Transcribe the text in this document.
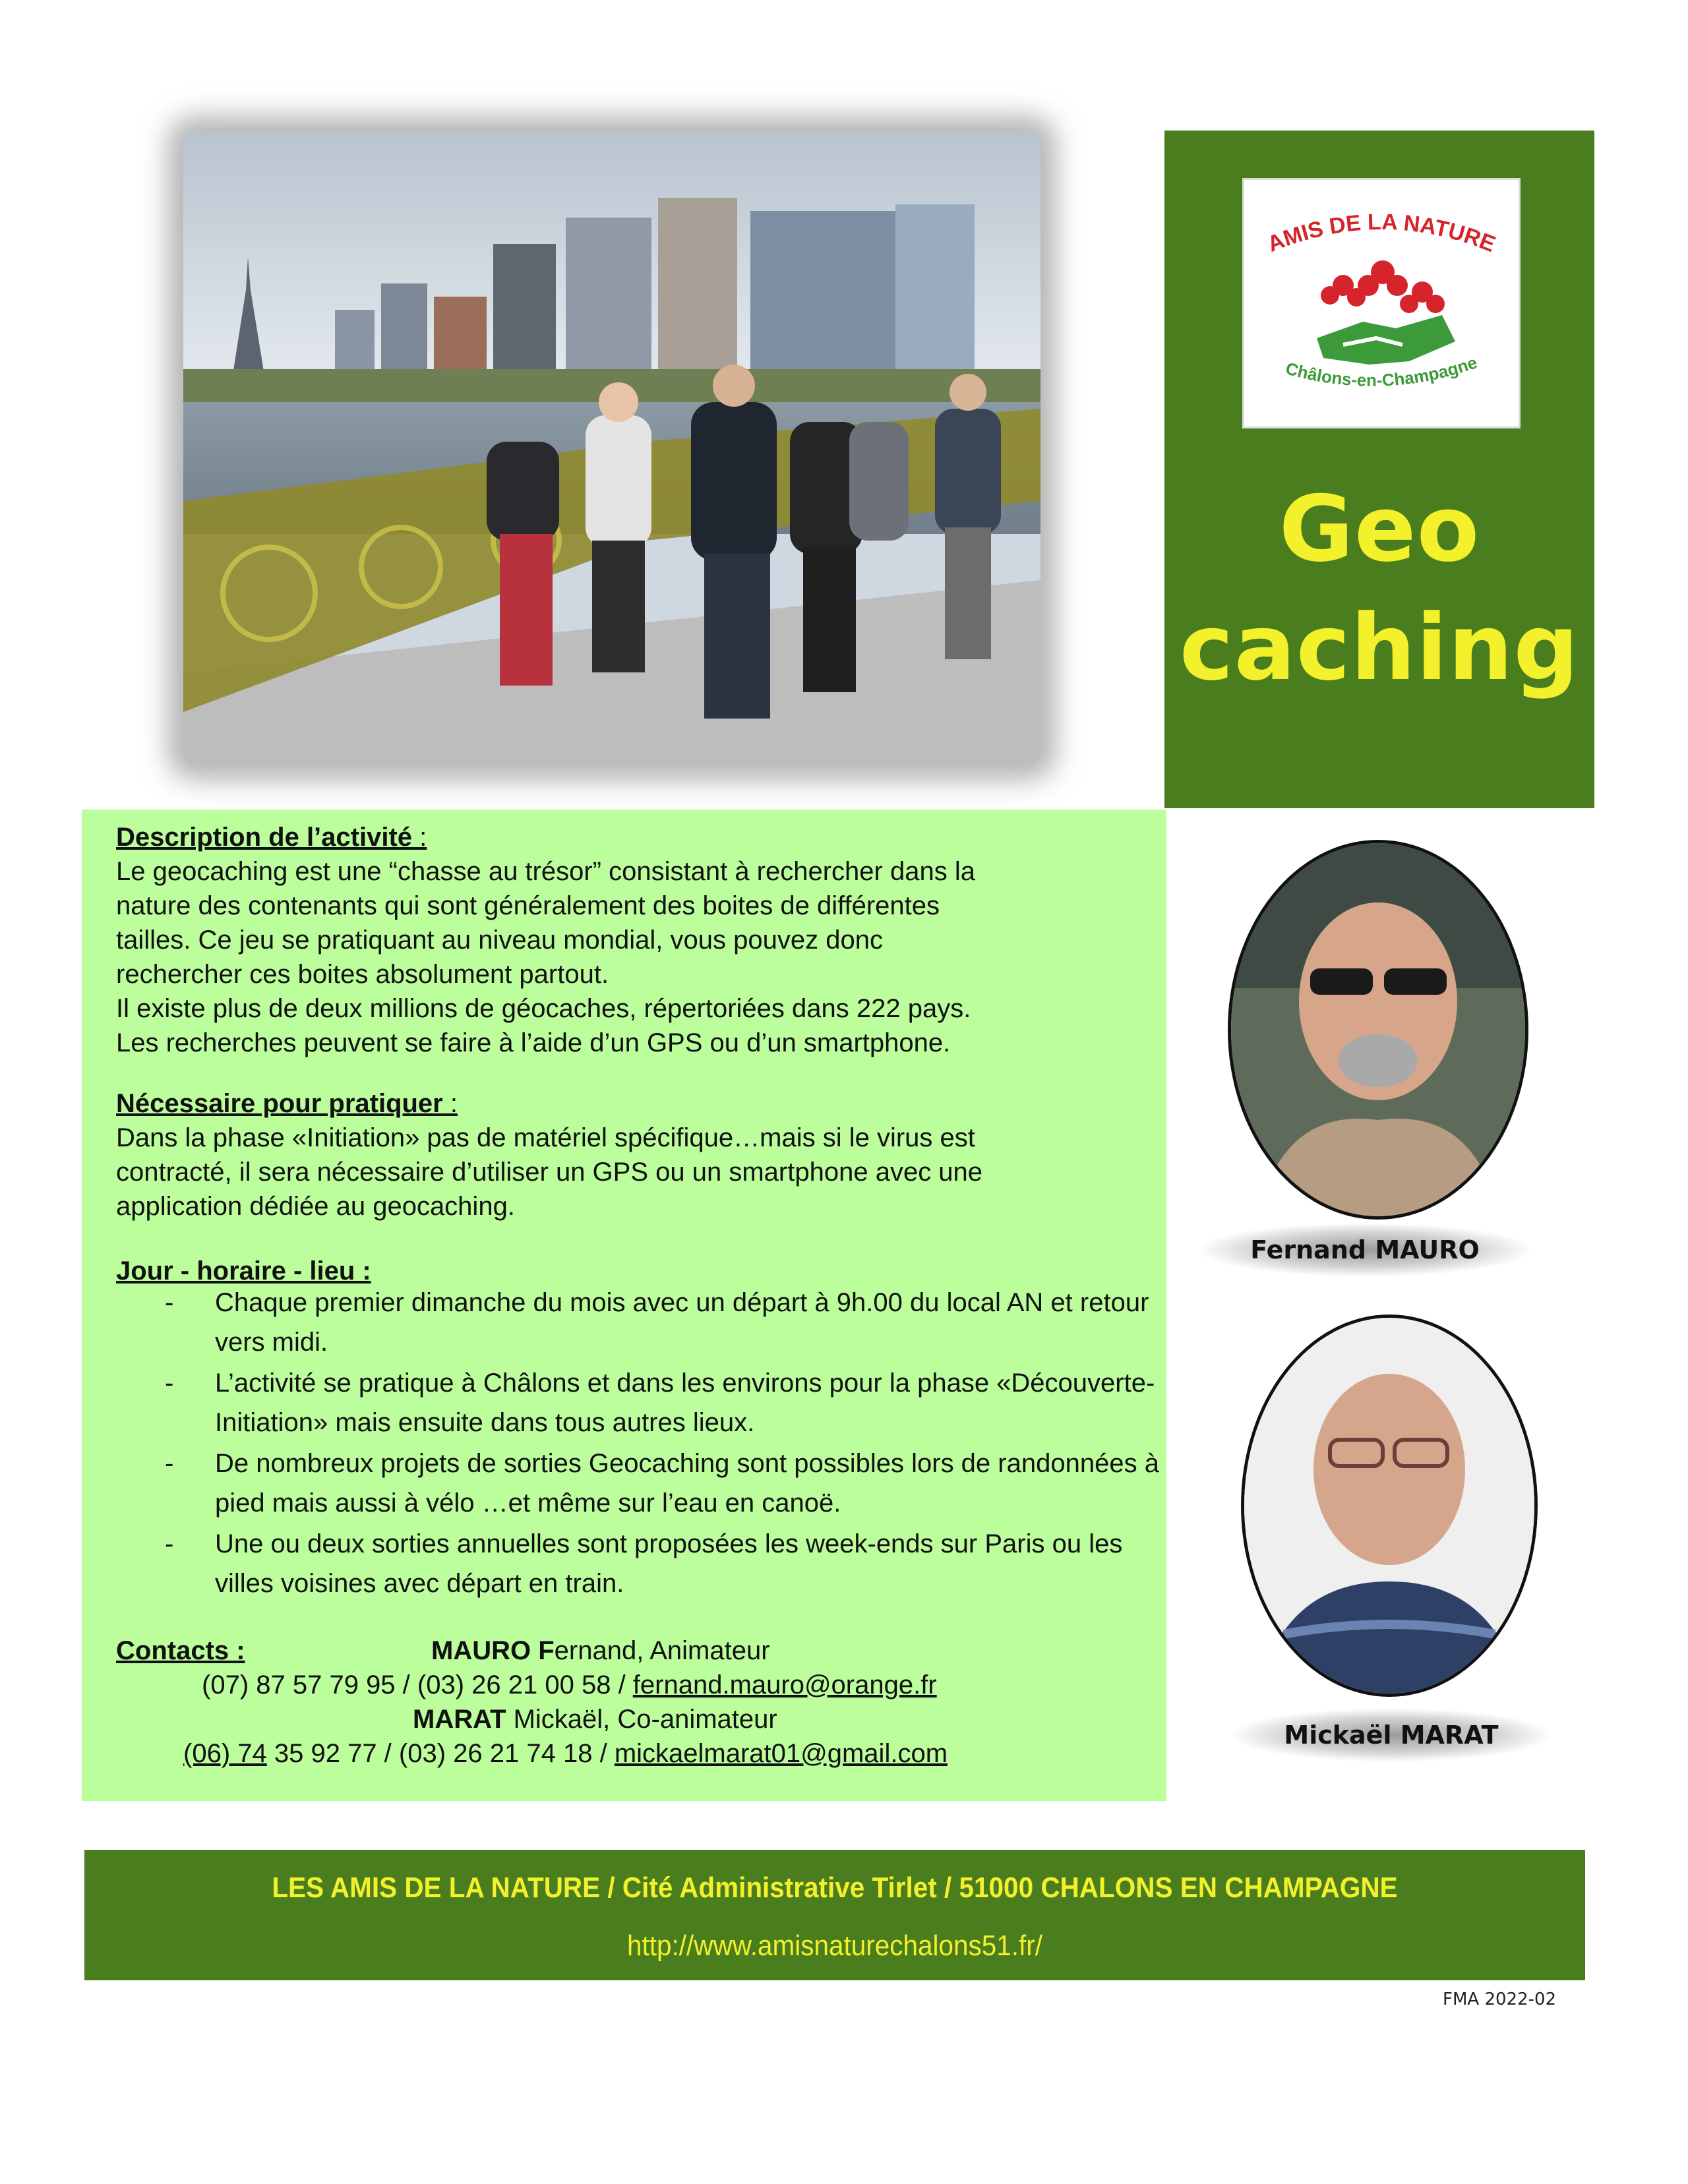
AMIS DE LA NATURE
Châlons-en-Champagne
Geo
caching
Description de l’activité :
Le geocaching est une “chasse au trésor” consistant à rechercher dans la
nature des contenants qui sont généralement des boites de différentes
tailles. Ce jeu se pratiquant au niveau mondial, vous pouvez donc
rechercher ces boites absolument partout.
Il existe plus de deux millions de géocaches, répertoriées dans 222 pays.
Les recherches peuvent se faire à l’aide d’un GPS ou d’un smartphone.
Nécessaire pour pratiquer :
Dans la phase «Initiation» pas de matériel spécifique…mais si le virus est
contracté, il sera nécessaire d’utiliser un GPS ou un smartphone avec une
application dédiée au geocaching.
Jour - horaire - lieu :
- Chaque premier dimanche du mois avec un départ à 9h.00 du local AN et retour vers midi.
- L’activité se pratique à Châlons et dans les environs pour la phase «Découverte-Initiation» mais ensuite dans tous autres lieux.
- De nombreux projets de sorties Geocaching sont possibles lors de randonnées à pied mais aussi à vélo …et même sur l’eau en canoë.
- Une ou deux sorties annuelles sont proposées les week-ends sur Paris ou les villes voisines avec départ en train.
Contacts :	MAURO Fernand, Animateur
(07) 87 57 79 95 / (03) 26 21 00 58 / fernand.mauro@orange.fr
MARAT Mickaël, Co-animateur
(06) 74 35 92 77 / (03) 26 21 74 18 / mickaelmarat01@gmail.com
Fernand MAURO
Mickaël MARAT
LES AMIS DE LA NATURE / Cité Administrative Tirlet / 51000 CHALONS EN CHAMPAGNE
http://www.amisnaturechalons51.fr/
FMA 2022-02
